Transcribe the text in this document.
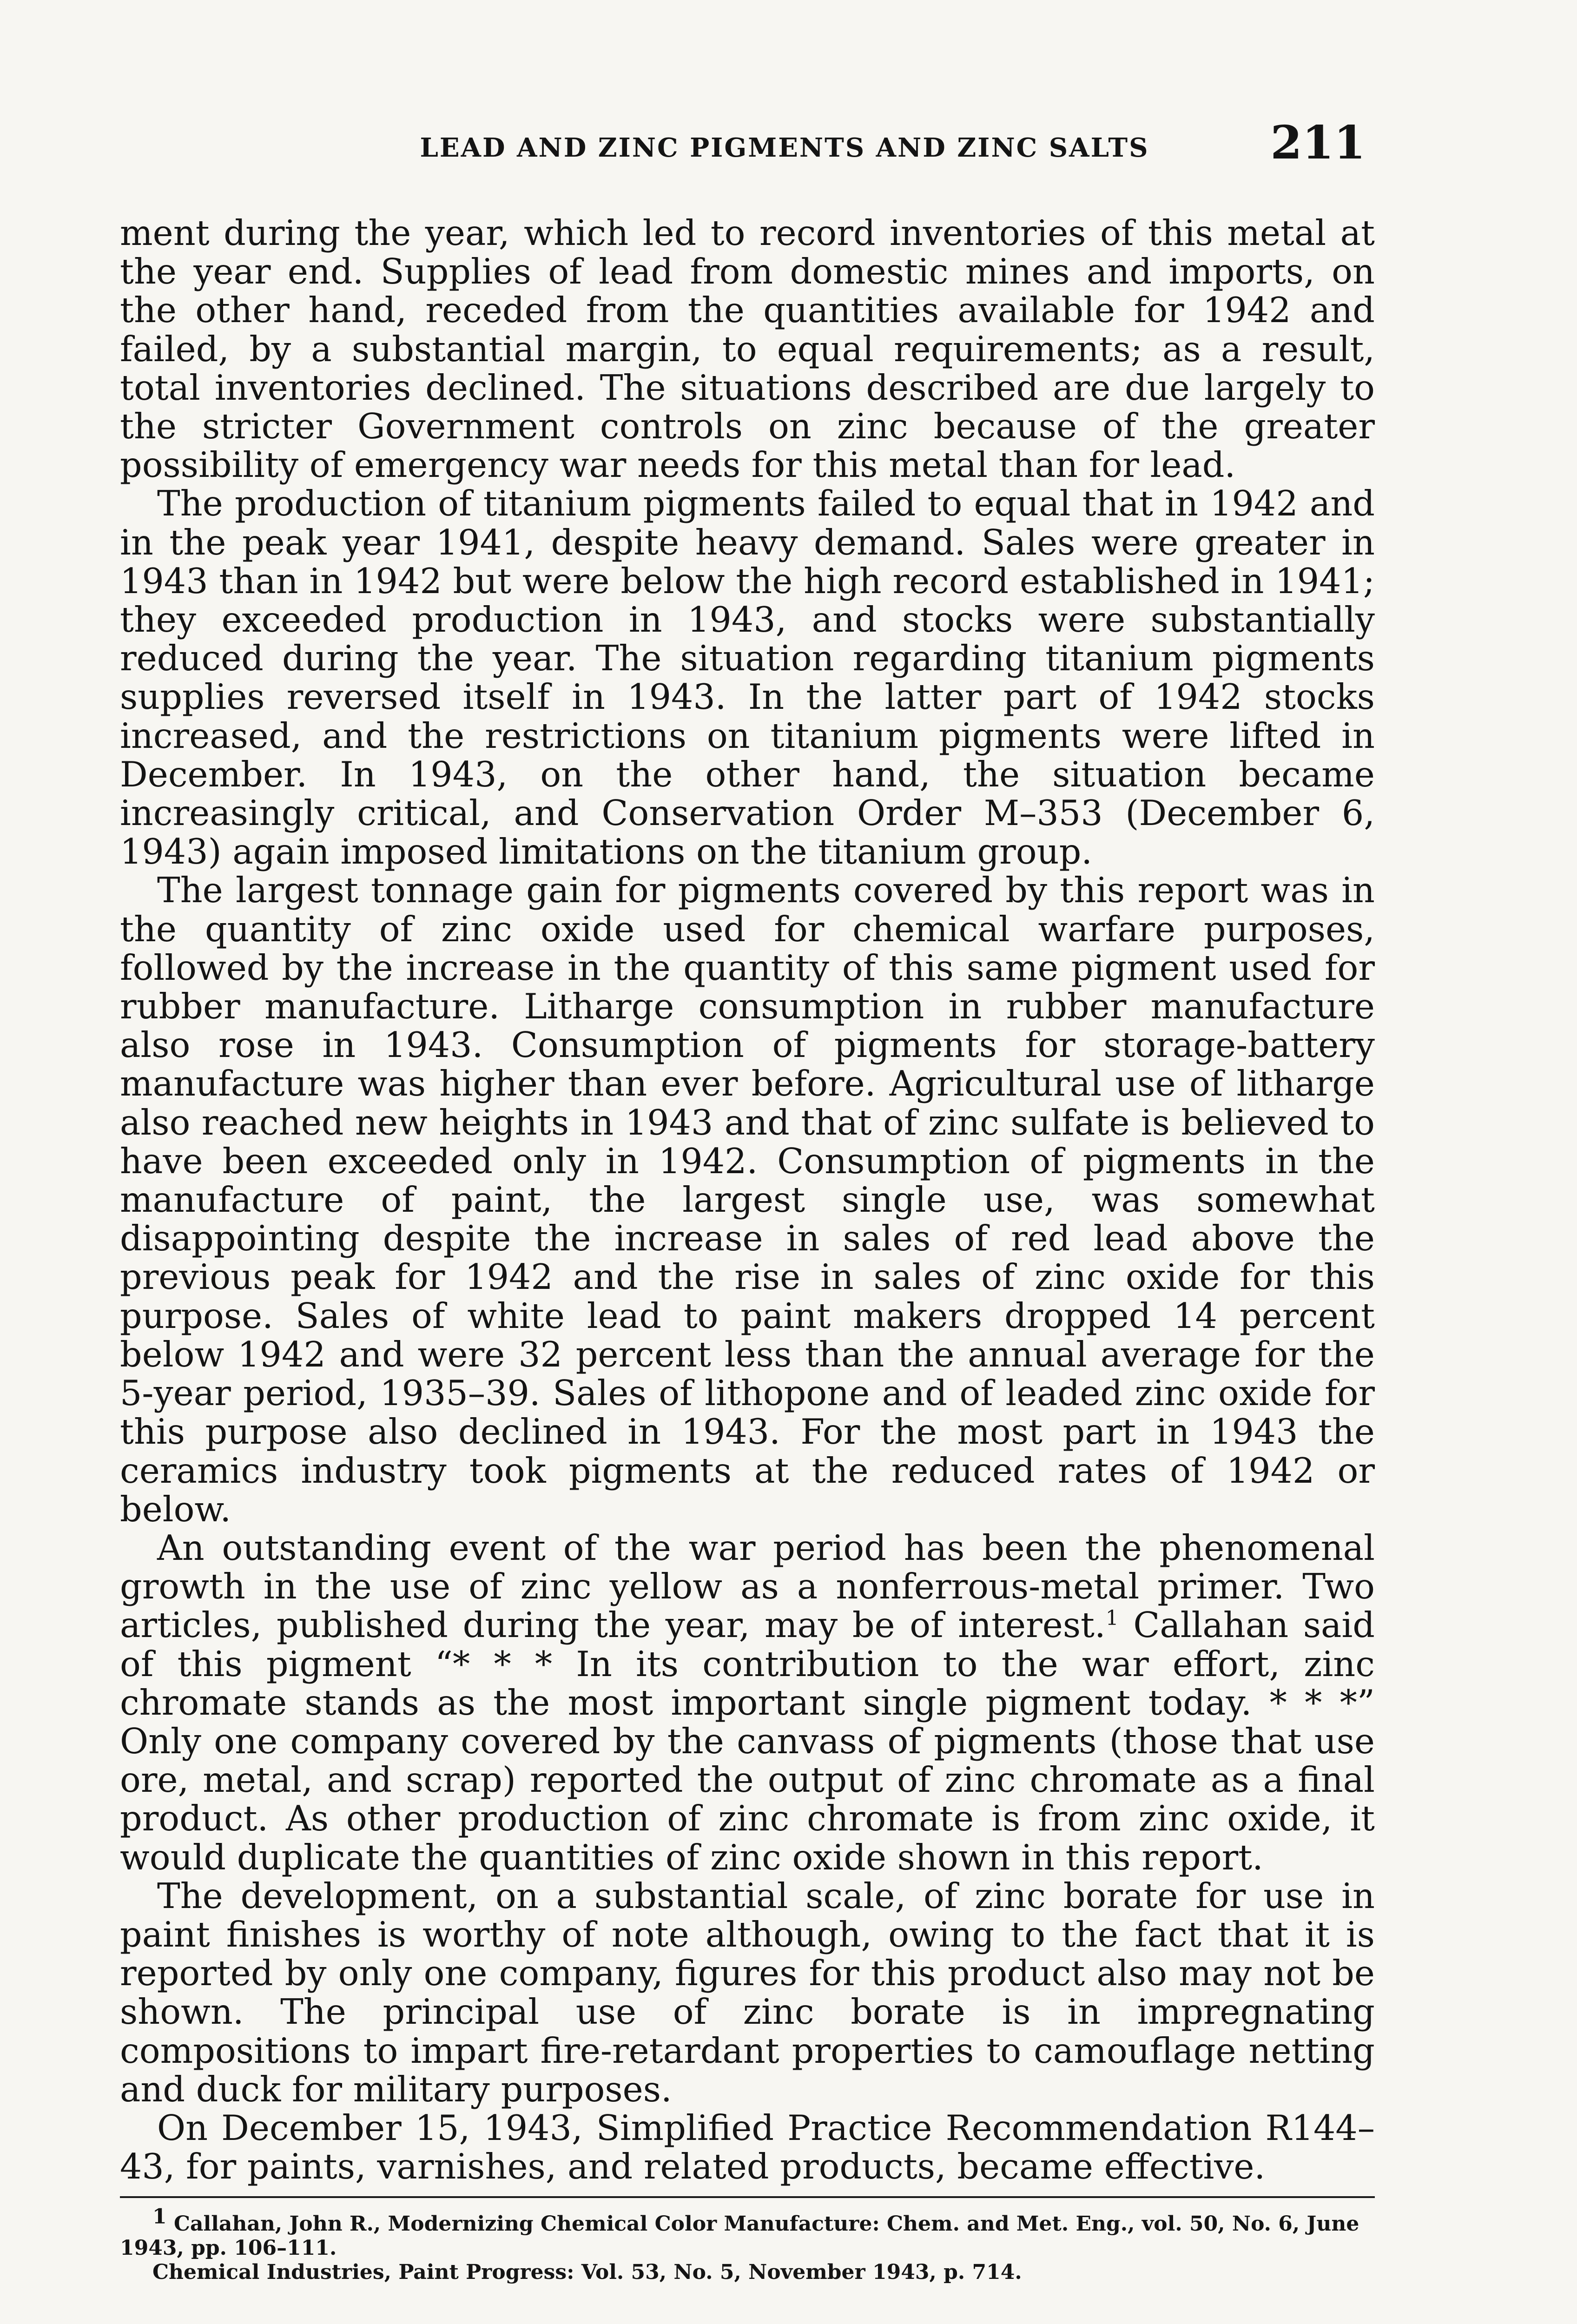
LEAD AND ZINC PIGMENTS AND ZINC SALTS	211

ment during the year, which led to record inventories of this metal at the year end. Supplies of lead from domestic mines and imports, on the other hand, receded from the quantities available for 1942 and failed, by a substantial margin, to equal requirements; as a result, total inventories declined. The situations described are due largely to the stricter Government controls on zinc because of the greater possibility of emergency war needs for this metal than for lead.

The production of titanium pigments failed to equal that in 1942 and in the peak year 1941, despite heavy demand. Sales were greater in 1943 than in 1942 but were below the high record established in 1941; they exceeded production in 1943, and stocks were substantially reduced during the year. The situation regarding titanium pigments supplies reversed itself in 1943. In the latter part of 1942 stocks increased, and the restrictions on titanium pigments were lifted in December. In 1943, on the other hand, the situation became increasingly critical, and Conservation Order M–353 (December 6, 1943) again imposed limitations on the titanium group.

The largest tonnage gain for pigments covered by this report was in the quantity of zinc oxide used for chemical warfare purposes, followed by the increase in the quantity of this same pigment used for rubber manufacture. Litharge consumption in rubber manufacture also rose in 1943. Consumption of pigments for storage-battery manufacture was higher than ever before. Agricultural use of litharge also reached new heights in 1943 and that of zinc sulfate is believed to have been exceeded only in 1942. Consumption of pigments in the manufacture of paint, the largest single use, was somewhat disappointing despite the increase in sales of red lead above the previous peak for 1942 and the rise in sales of zinc oxide for this purpose. Sales of white lead to paint makers dropped 14 percent below 1942 and were 32 percent less than the annual average for the 5-year period, 1935–39. Sales of lithopone and of leaded zinc oxide for this purpose also declined in 1943. For the most part in 1943 the ceramics industry took pigments at the reduced rates of 1942 or below.

An outstanding event of the war period has been the phenomenal growth in the use of zinc yellow as a nonferrous-metal primer. Two articles, published during the year, may be of interest.$^1$ Callahan said of this pigment “* * * In its contribution to the war effort, zinc chromate stands as the most important single pigment today. * * *” Only one company covered by the canvass of pigments (those that use ore, metal, and scrap) reported the output of zinc chromate as a final product. As other production of zinc chromate is from zinc oxide, it would duplicate the quantities of zinc oxide shown in this report.

The development, on a substantial scale, of zinc borate for use in paint finishes is worthy of note although, owing to the fact that it is reported by only one company, figures for this product also may not be shown. The principal use of zinc borate is in impregnating compositions to impart fire-retardant properties to camouflage netting and duck for military purposes.

On December 15, 1943, Simplified Practice Recommendation R144–43, for paints, varnishes, and related products, became effective.

$^1$ Callahan, John R., Modernizing Chemical Color Manufacture: Chem. and Met. Eng., vol. 50, No. 6, June 1943, pp. 106–111.

Chemical Industries, Paint Progress: Vol. 53, No. 5, November 1943, p. 714.
